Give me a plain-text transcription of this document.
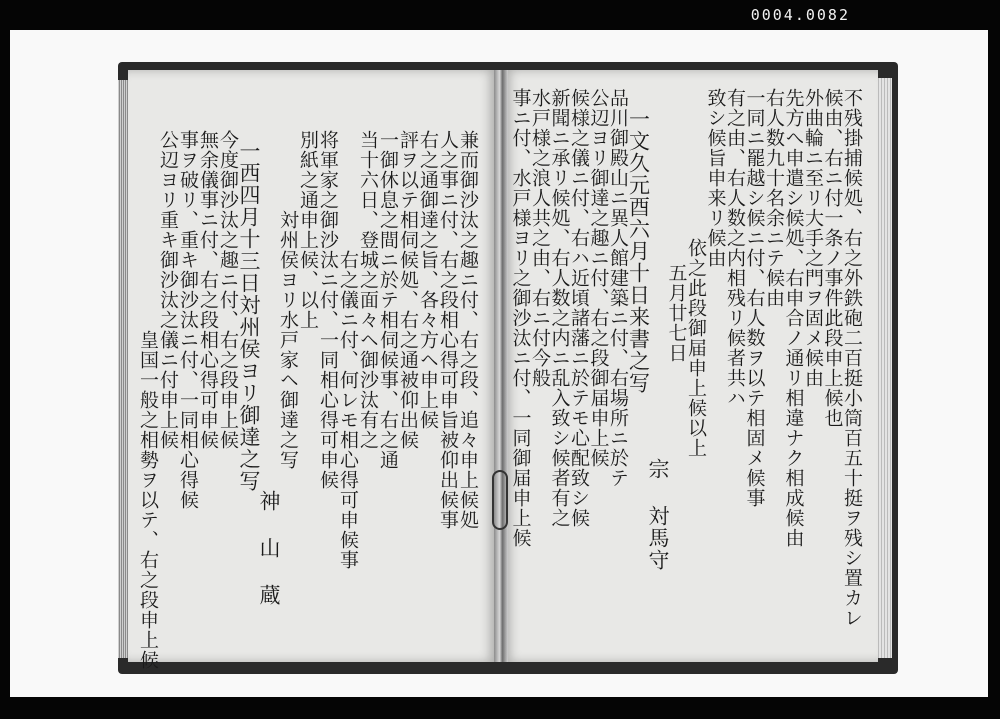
0004.0082
兼而御沙汰之趣ニ付、右之段、追々申上候処
人之事ニ付、右之段相心得可申旨被仰出候事
右之通御達之旨、各々方ヘ申上候
評ヲ以テ相伺候処、右之通被仰出候
一御休息之間ニ於テ相伺候事、右之通
当十六日、登城之面々ヘ御沙汰有之
右之儀ニ付、何レモ相心得可申候事
将軍家之御沙汰ニ付、一同相心得可申候
別紙之通申上候、以上
対州侯ヨリ水戸家ヘ御達之写
神 山 蔵
一西四月十三日対州侯ヨリ御達之写
今度御沙汰之趣ニ付、右之段申上候
無余儀事ニ付、右之段相心得可申候
事ヲ破リ、重キ御沙汰ニ付、一同相心得候
公辺ヨリ重キ御沙汰之儀ニ付申上候
皇国一般之相勢ヲ以テ、右之段申上候	不残掛捕候処、右之外鉄砲二百挺小筒百五十挺ヲ残シ置カレ
候由、右ニ付一条ノ事件此段申上候也
外曲輪ニ至リ大手之門ヲ固メ候由
先方へ申遣シ候処、右申合ノ通リ相違ナク相成候由
右人数九十名余ニテ候由
一同ニ罷越シ候ニ付、右人数ヲ以テ相固メ候事
有之由、右人数之内相残リ候者共ハ
致シ候旨申来リ候由
依之此段御届申上候以上
五月廿七日
宗 対馬守
一文久元酉六月十日来書之写
品川御殿山ニ異人館建築ニ付、右場所ニ於テ
公辺ヨリ御達之趣ニ付、右之段御届申上候
候様之儀ニ付、右ハ近頃諸藩ニ於テモ心配致シ候
新聞ニ承リ候処、右人数之内ニ乱入致シ候者有之
水戸様之浪人共之由、右ニ付今般
事ニ付、水戸様ヨリ之御沙汰ニ付、一同御届申上候
